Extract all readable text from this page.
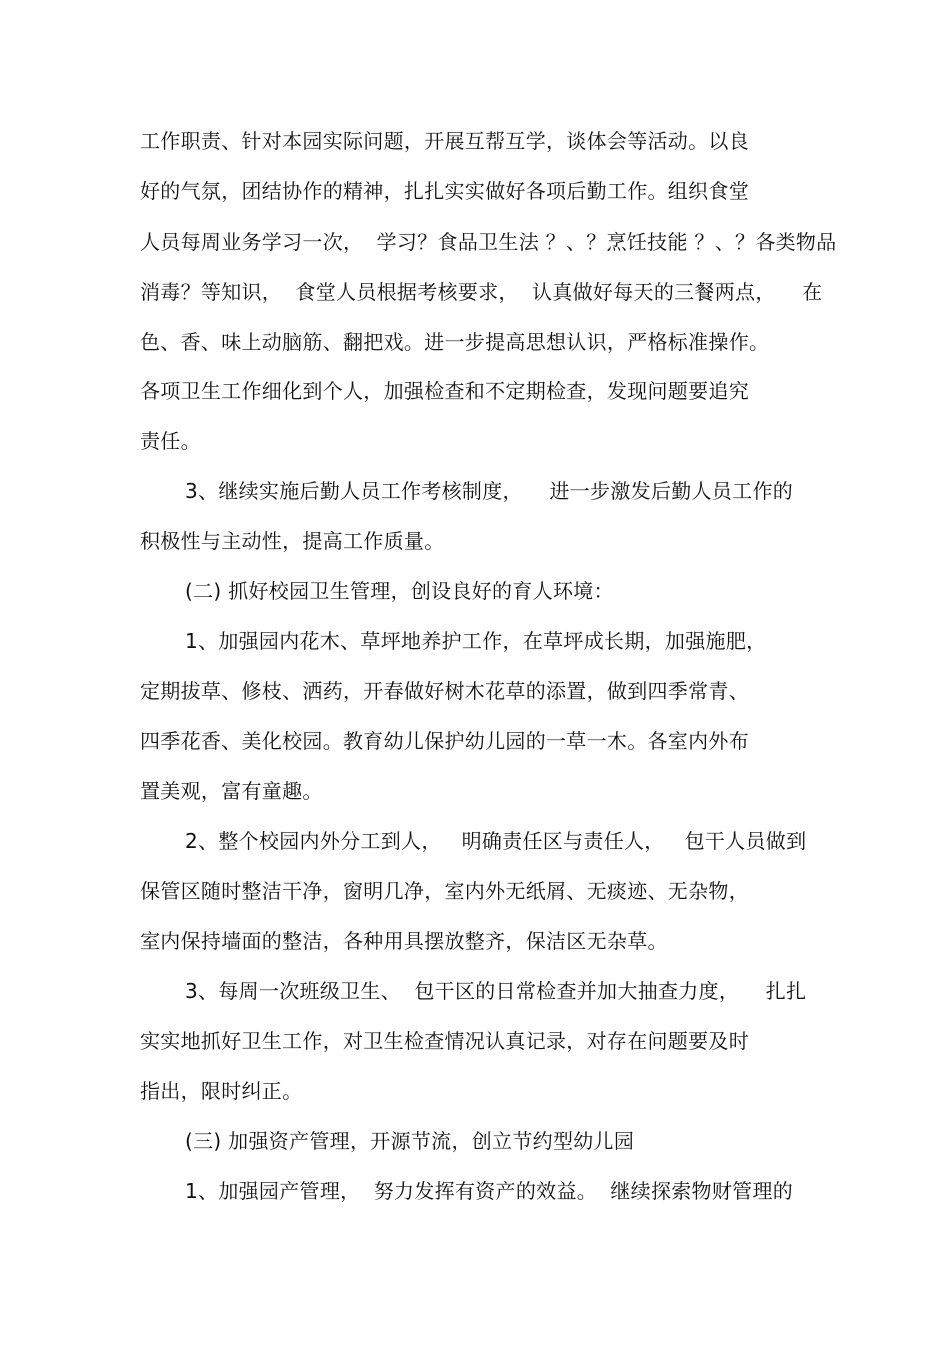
工作职责、针对本园实际问题，开展互帮互学，谈体会等活动。以良
好的气氛，团结协作的精神，扎扎实实做好各项后勤工作。组织食堂
人员每周业务学习一次，  学习？食品卫生法 ？、？烹饪技能 ？、？各类物品
消毒？等知识，  食堂人员根据考核要求，  认真做好每天的三餐两点，    在
色、香、味上动脑筋、翻把戏。进一步提高思想认识，严格标准操作。
各项卫生工作细化到个人，加强检查和不定期检查，发现问题要追究
责任。
3、继续实施后勤人员工作考核制度，    进一步激发后勤人员工作的
积极性与主动性，提高工作质量。
(二) 抓好校园卫生管理，创设良好的育人环境：
1、加强园内花木、草坪地养护工作，在草坪成长期，加强施肥，
定期拔草、修枝、洒药，开春做好树木花草的添置，做到四季常青、
四季花香、美化校园。教育幼儿保护幼儿园的一草一木。各室内外布
置美观，富有童趣。
2、整个校园内外分工到人，   明确责任区与责任人，   包干人员做到
保管区随时整洁干净，窗明几净，室内外无纸屑、无痰迹、无杂物，
室内保持墙面的整洁，各种用具摆放整齐，保洁区无杂草。
3、每周一次班级卫生、  包干区的日常检查并加大抽查力度，    扎扎
实实地抓好卫生工作，对卫生检查情况认真记录，对存在问题要及时
指出，限时纠正。
(三) 加强资产管理，开源节流，创立节约型幼儿园
1、加强园产管理，  努力发挥有资产的效益。  继续探索物财管理的
